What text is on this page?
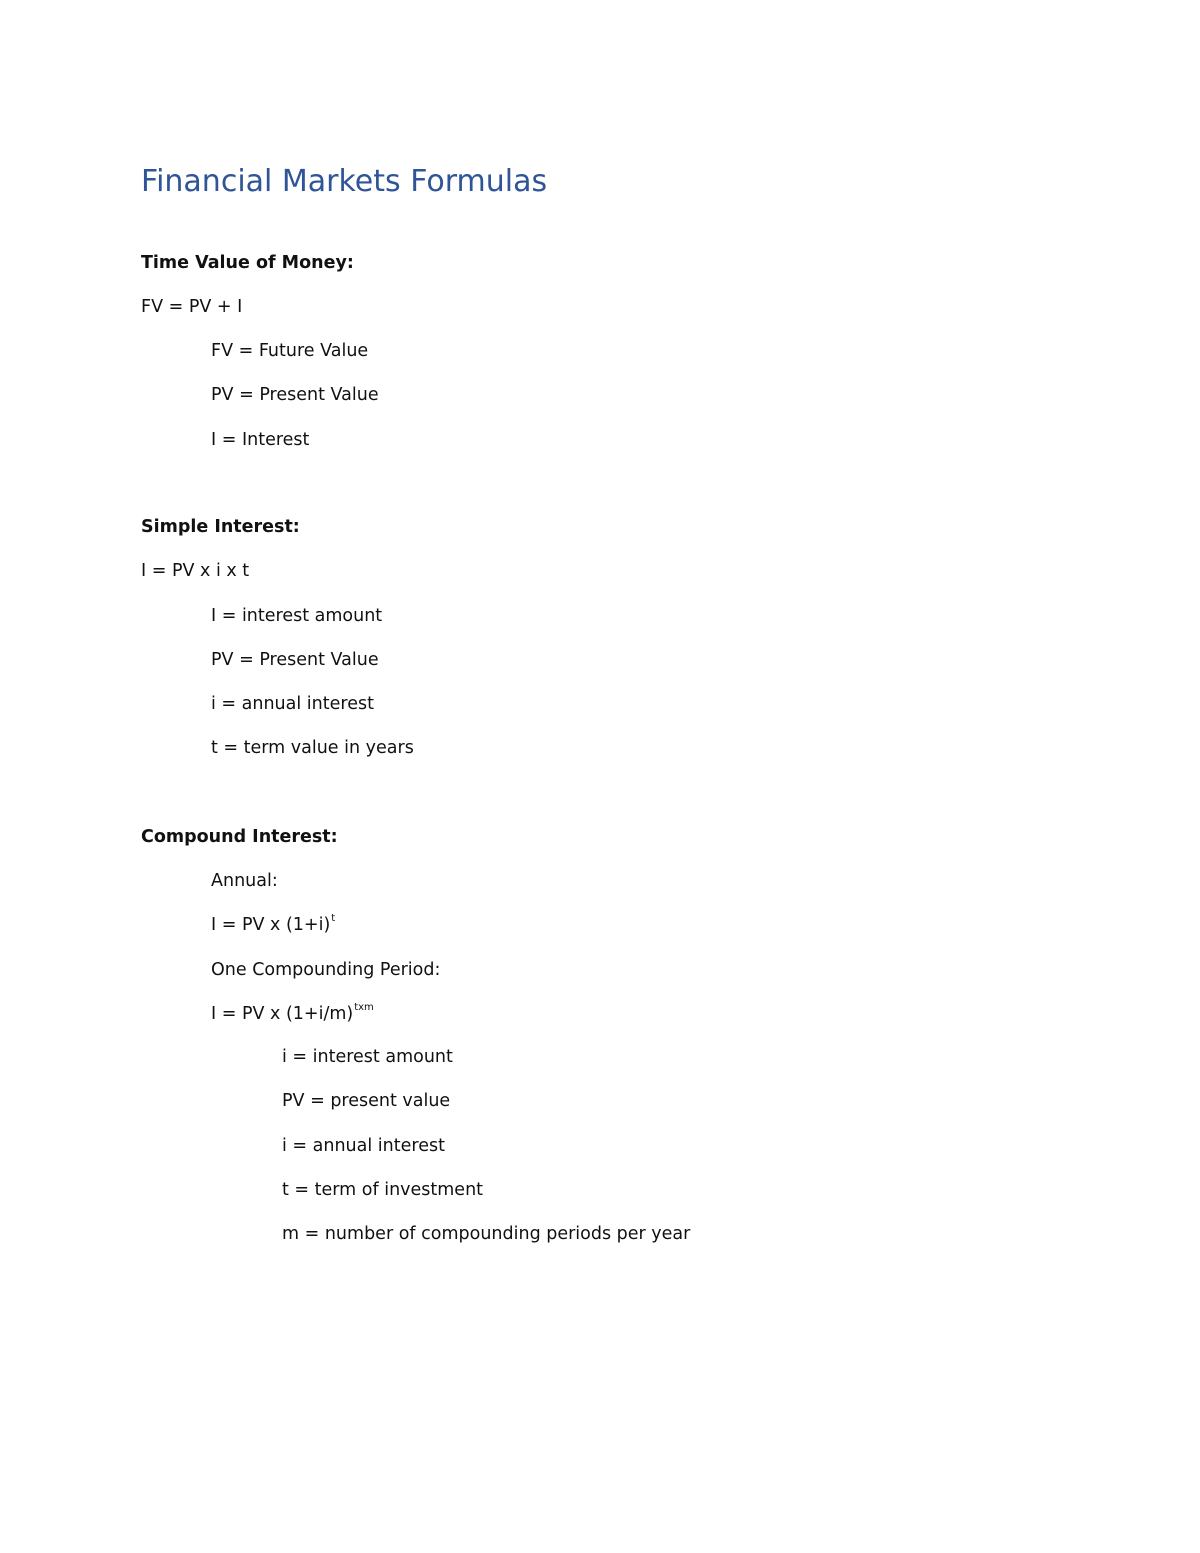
Financial Markets Formulas

Time Value of Money:

FV = PV + I

FV = Future Value

PV = Present Value

I = Interest

Simple Interest:

I = PV x i x t

I = interest amount

PV = Present Value

i = annual interest

t = term value in years

Compound Interest:

Annual:

I = PV x $(1+i)^t$

One Compounding Period:

I = PV x $(1+i/m)^{txm}$

i = interest amount

PV = present value

i = annual interest

t = term of investment

m = number of compounding periods per year
